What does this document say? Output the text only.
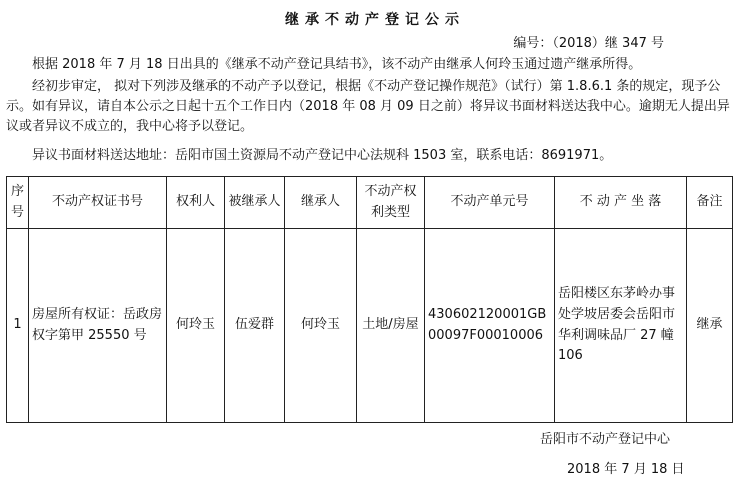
继承不动产登记公示
编号：（2018）继 347 号
根据 2018 年 7 月 18 日出具的《继承不动产登记具结书》，该不动产由继承人何玲玉通过遗产继承所得。
经初步审定， 拟对下列涉及继承的不动产予以登记，根据《不动产登记操作规范》（试行）第 1.8.6.1 条的规定，现予公示。如有异议，请自本公示之日起十五个工作日内（2018 年 08 月 09 日之前）将异议书面材料送达我中心。逾期无人提出异议或者异议不成立的，我中心将予以登记。
异议书面材料送达地址：岳阳市国土资源局不动产登记中心法规科 1503 室，联系电话：8691971。
序号	不动产权证书号	权利人	被继承人	继承人	不动产权利类型	不动产单元号	不 动 产 坐 落	备注
1	房屋所有权证：岳政房权字第甲 25550 号	何玲玉	伍爱群	何玲玉	土地/房屋	430602120001GB00097F00010006	岳阳楼区东茅岭办事处学坡居委会岳阳市华利调味品厂 27 幢 106	继承
岳阳市不动产登记中心
2018 年 7 月 18 日
